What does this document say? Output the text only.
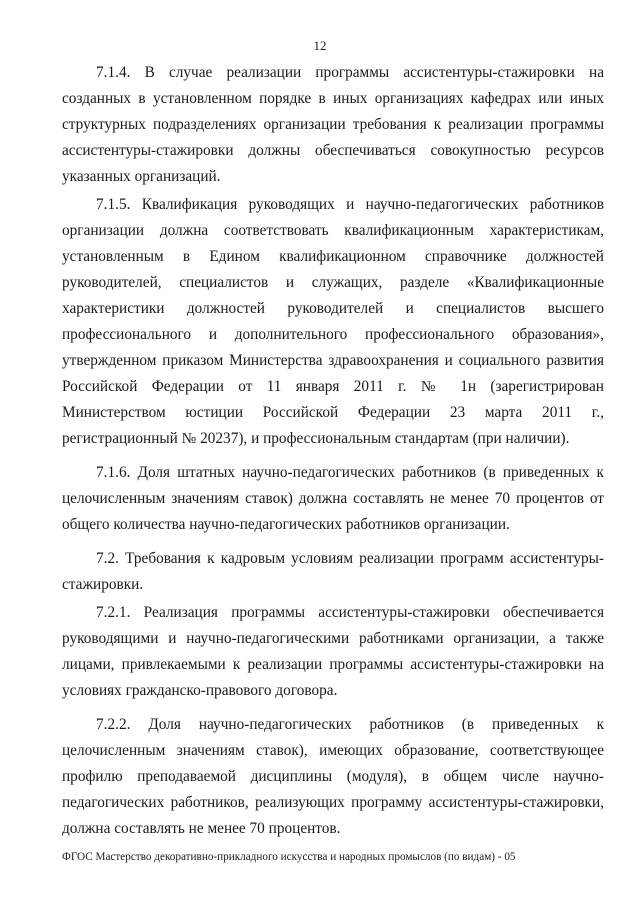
12

7.1.4. В случае реализации программы ассистентуры-стажировки на созданных в установленном порядке в иных организациях кафедрах или иных структурных подразделениях организации требования к реализации программы ассистентуры-стажировки должны обеспечиваться совокупностью ресурсов указанных организаций.

7.1.5. Квалификация руководящих и научно-педагогических работников организации должна соответствовать квалификационным характеристикам, установленным в Едином квалификационном справочнике должностей руководителей, специалистов и служащих, разделе «Квалификационные характеристики должностей руководителей и специалистов высшего профессионального и дополнительного профессионального образования», утвержденном приказом Министерства здравоохранения и социального развития Российской Федерации от 11 января 2011 г. № 1н (зарегистрирован Министерством юстиции Российской Федерации 23 марта 2011 г., регистрационный № 20237), и профессиональным стандартам (при наличии).

7.1.6. Доля штатных научно-педагогических работников (в приведенных к целочисленным значениям ставок) должна составлять не менее 70 процентов от общего количества научно-педагогических работников организации.

7.2. Требования к кадровым условиям реализации программ ассистентуры-стажировки.

7.2.1. Реализация программы ассистентуры-стажировки обеспечивается руководящими и научно-педагогическими работниками организации, а также лицами, привлекаемыми к реализации программы ассистентуры-стажировки на условиях гражданско-правового договора.

7.2.2. Доля научно-педагогических работников (в приведенных к целочисленным значениям ставок), имеющих образование, соответствующее профилю преподаваемой дисциплины (модуля), в общем числе научно-педагогических работников, реализующих программу ассистентуры-стажировки, должна составлять не менее 70 процентов.

ФГОС Мастерство декоративно-прикладного искусства и народных промыслов (по видам) - 05
